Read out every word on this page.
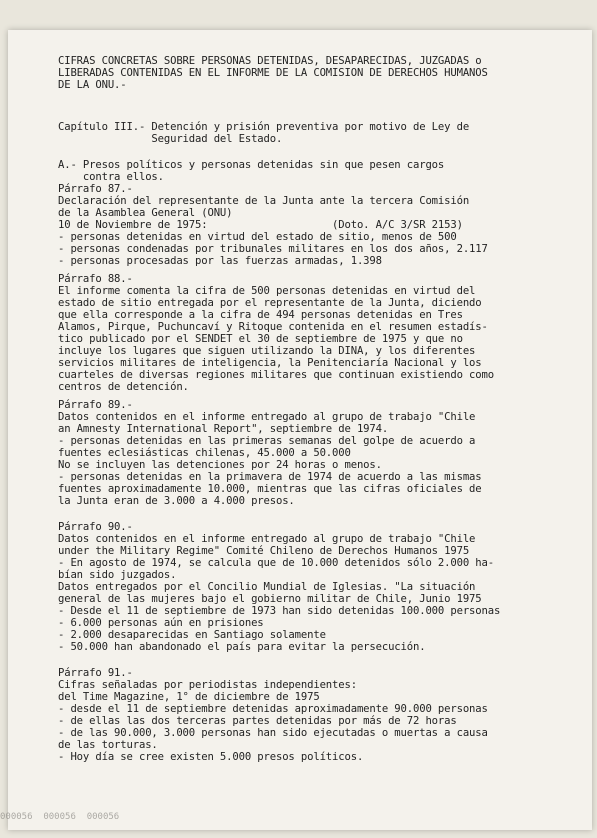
CIFRAS CONCRETAS SOBRE PERSONAS DETENIDAS, DESAPARECIDAS, JUZGADAS o
LIBERADAS CONTENIDAS EN EL INFORME DE LA COMISION DE DERECHOS HUMANOS
DE LA ONU.-
Capítulo III.- Detención y prisión preventiva por motivo de Ley de
Seguridad del Estado.
A.- Presos políticos y personas detenidas sin que pesen cargos
contra ellos.
Párrafo 87.-
Declaración del representante de la Junta ante la tercera Comisión
de la Asamblea General (ONU)
10 de Noviembre de 1975:                    (Doto. A/C 3/SR 2153)
- personas detenidas en virtud del estado de sitio, menos de 500
- personas condenadas por tribunales militares en los dos años, 2.117
- personas procesadas por las fuerzas armadas, 1.398
Párrafo 88.-
El informe comenta la cifra de 500 personas detenidas en virtud del
estado de sitio entregada por el representante de la Junta, diciendo
que ella corresponde a la cifra de 494 personas detenidas en Tres
Alamos, Pirque, Puchuncaví y Ritoque contenida en el resumen estadís-
tico publicado por el SENDET el 30 de septiembre de 1975 y que no
incluye los lugares que siguen utilizando la DINA, y los diferentes
servicios militares de inteligencia, la Penitenciaría Nacional y los
cuarteles de diversas regiones militares que continuan existiendo como
centros de detención.
Párrafo 89.-
Datos contenidos en el informe entregado al grupo de trabajo "Chile
an Amnesty International Report", septiembre de 1974.
- personas detenidas en las primeras semanas del golpe de acuerdo a
fuentes eclesiásticas chilenas, 45.000 a 50.000
No se incluyen las detenciones por 24 horas o menos.
- personas detenidas en la primavera de 1974 de acuerdo a las mismas
fuentes aproximadamente 10.000, mientras que las cifras oficiales de
la Junta eran de 3.000 a 4.000 presos.
Párrafo 90.-
Datos contenidos en el informe entregado al grupo de trabajo "Chile
under the Military Regime" Comité Chileno de Derechos Humanos 1975
- En agosto de 1974, se calcula que de 10.000 detenidos sólo 2.000 ha-
bían sido juzgados.
Datos entregados por el Concilio Mundial de Iglesias. "La situación
general de las mujeres bajo el gobierno militar de Chile, Junio 1975
- Desde el 11 de septiembre de 1973 han sido detenidas 100.000 personas
- 6.000 personas aún en prisiones
- 2.000 desaparecidas en Santiago solamente
- 50.000 han abandonado el país para evitar la persecución.
Párrafo 91.-
Cifras señaladas por periodistas independientes:
del Time Magazine, 1° de diciembre de 1975
- desde el 11 de septiembre detenidas aproximadamente 90.000 personas
- de ellas las dos terceras partes detenidas por más de 72 horas
- de las 90.000, 3.000 personas han sido ejecutadas o muertas a causa
de las torturas.
- Hoy día se cree existen 5.000 presos políticos.
000056  000056  000056
